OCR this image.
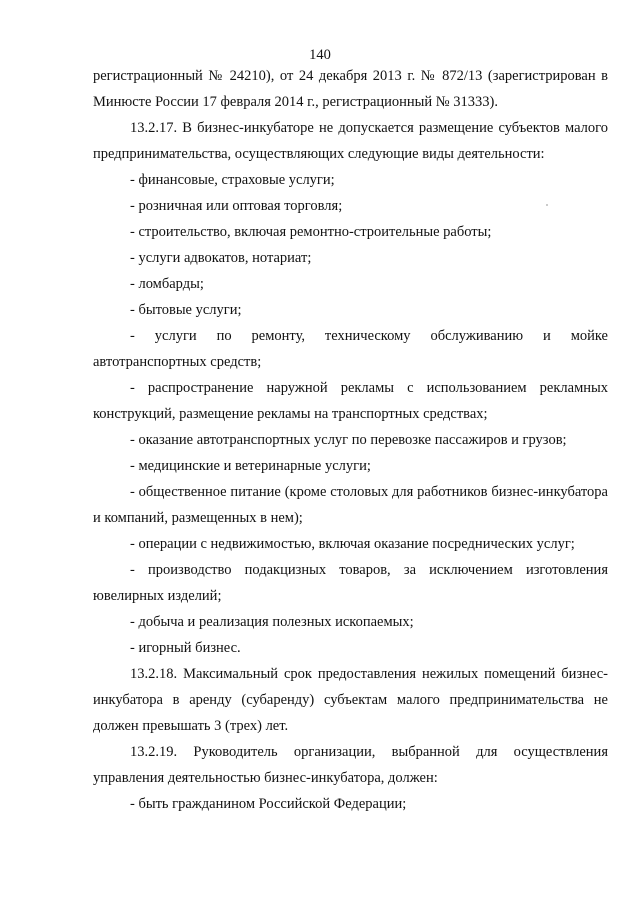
140

регистрационный № 24210), от 24 декабря 2013 г. № 872/13 (зарегистрирован в Минюсте России 17 февраля 2014 г., регистрационный № 31333).

13.2.17. В бизнес-инкубаторе не допускается размещение субъектов малого предпринимательства, осуществляющих следующие виды деятельности:

- финансовые, страховые услуги;

- розничная или оптовая торговля;

- строительство, включая ремонтно-строительные работы;

- услуги адвокатов, нотариат;

- ломбарды;

- бытовые услуги;

- услуги по ремонту, техническому обслуживанию и мойке автотранспортных средств;

- распространение наружной рекламы с использованием рекламных конструкций, размещение рекламы на транспортных средствах;

- оказание автотранспортных услуг по перевозке пассажиров и грузов;

- медицинские и ветеринарные услуги;

- общественное питание (кроме столовых для работников бизнес-инкубатора и компаний, размещенных в нем);

- операции с недвижимостью, включая оказание посреднических услуг;

- производство подакцизных товаров, за исключением изготовления ювелирных изделий;

- добыча и реализация полезных ископаемых;

- игорный бизнес.

13.2.18. Максимальный срок предоставления нежилых помещений бизнес-инкубатора в аренду (субаренду) субъектам малого предпринимательства не должен превышать 3 (трех) лет.

13.2.19. Руководитель организации, выбранной для осуществления управления деятельностью бизнес-инкубатора, должен:

- быть гражданином Российской Федерации;
